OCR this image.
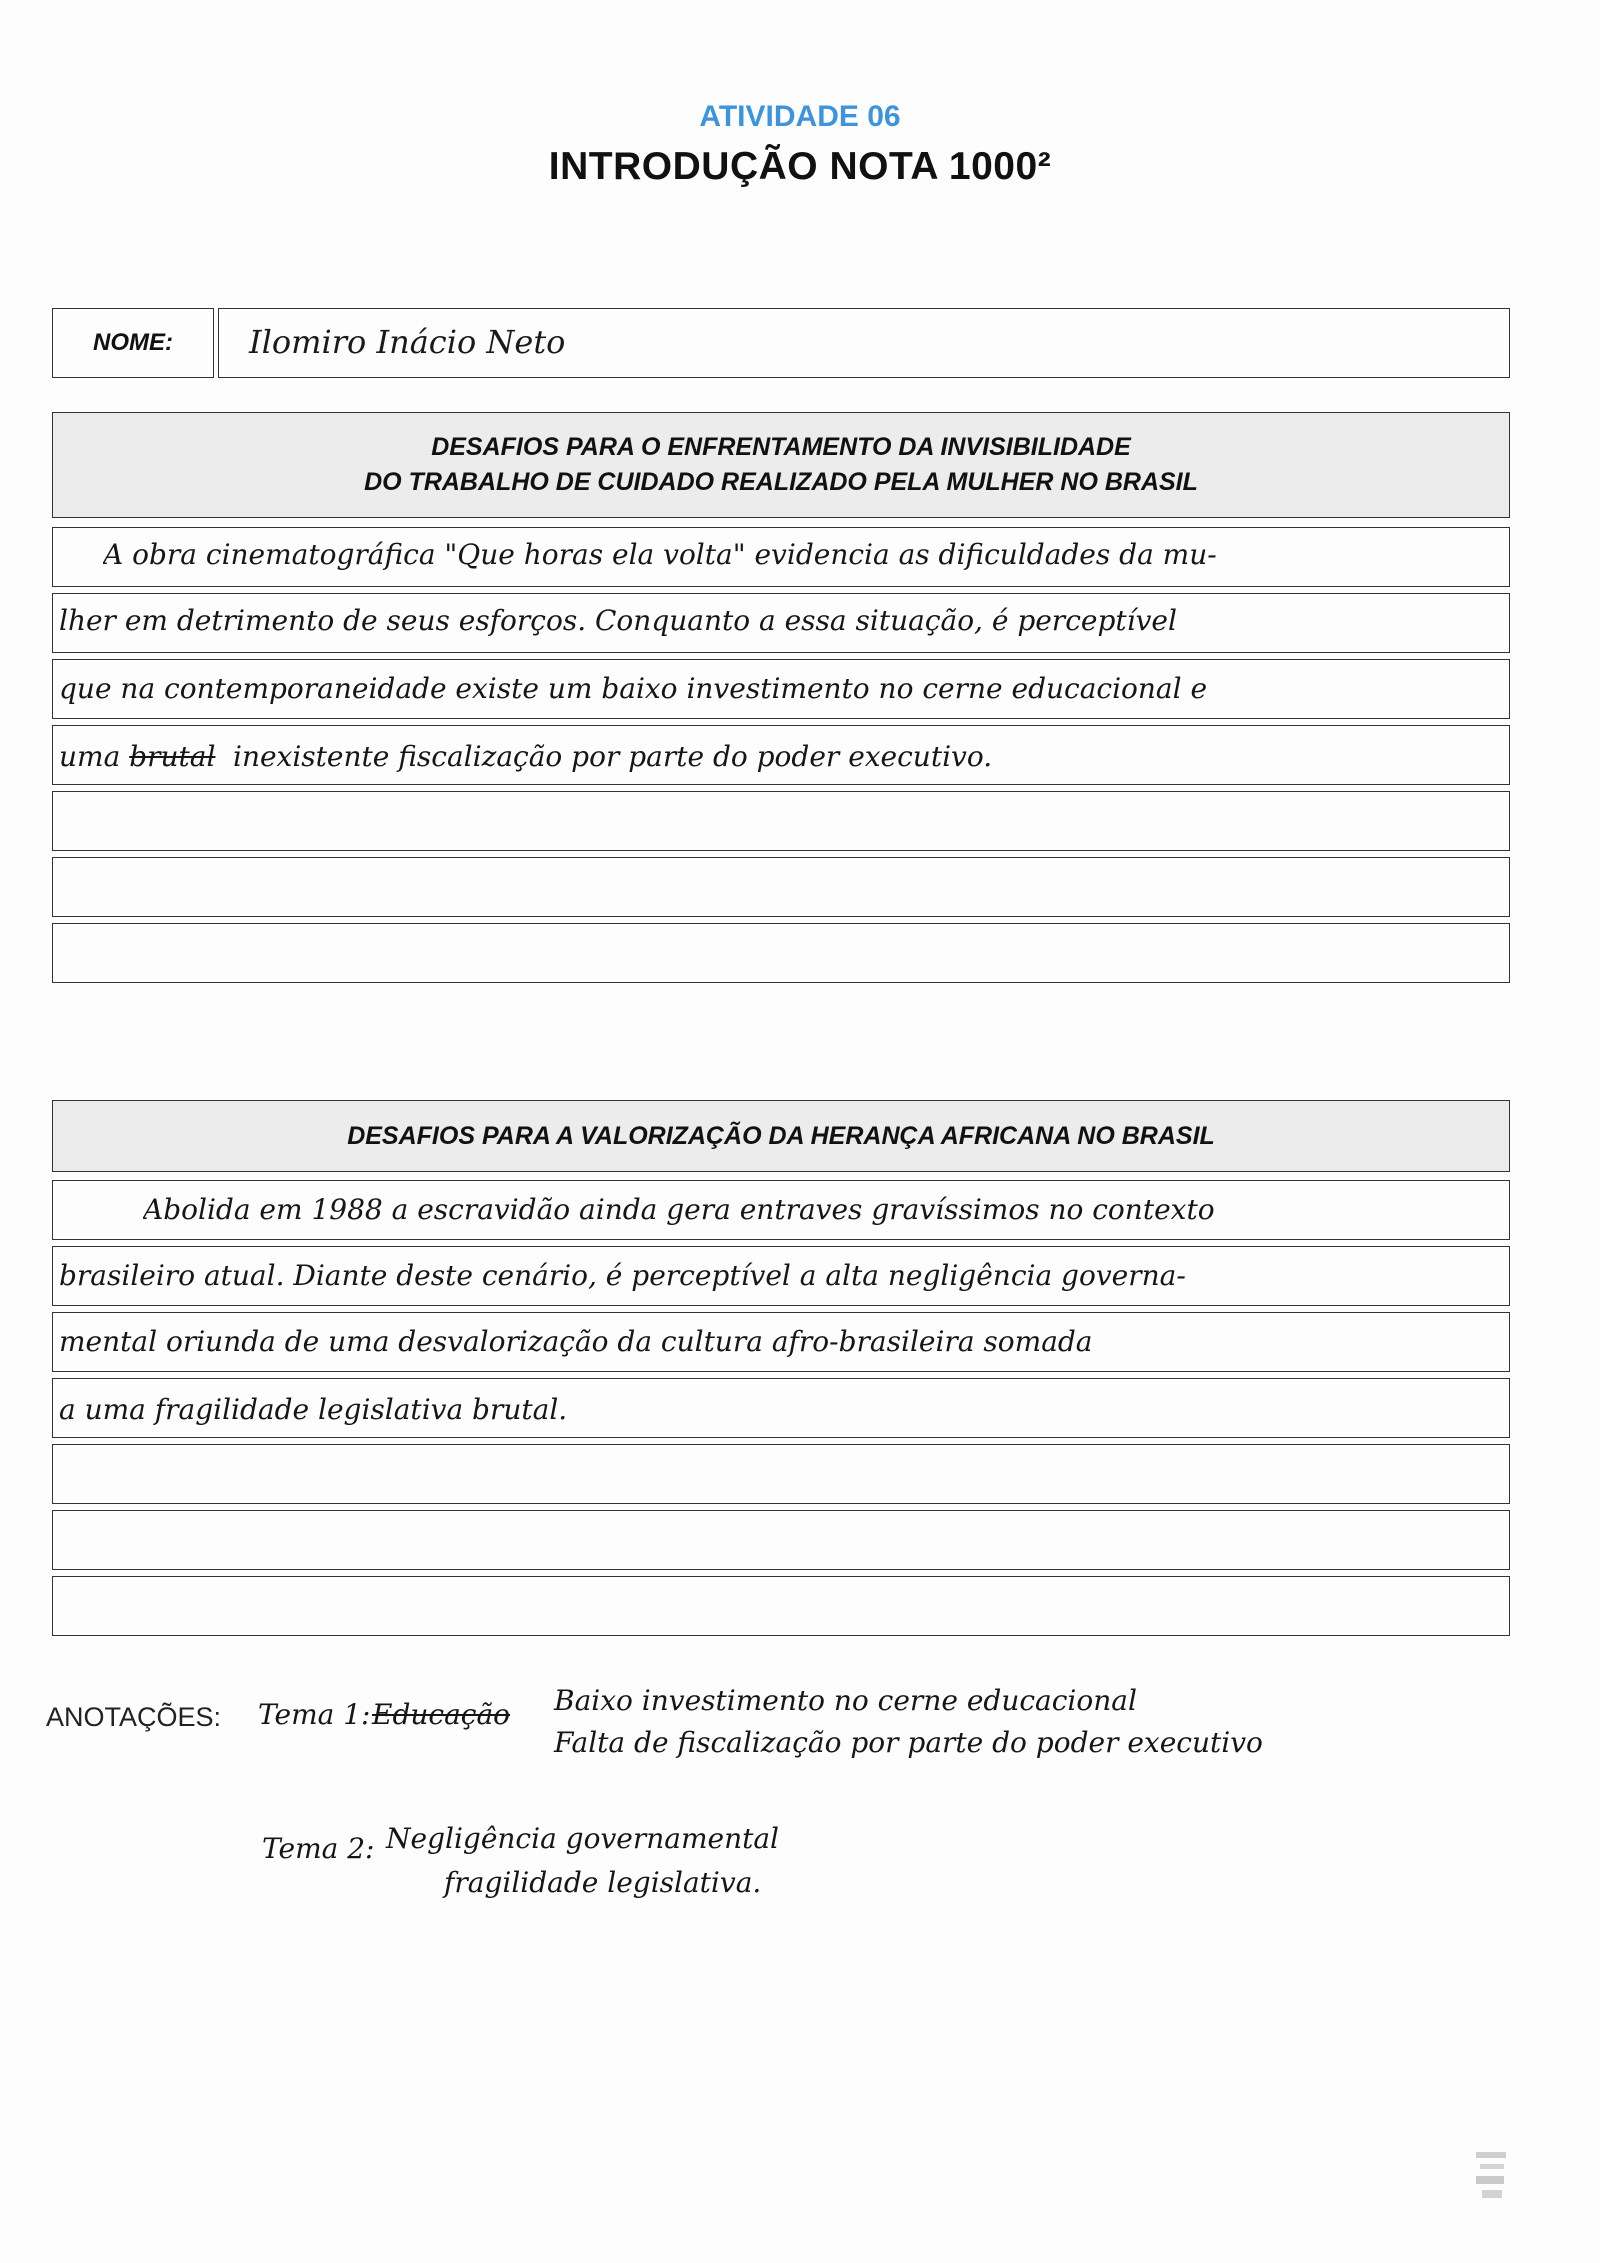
ATIVIDADE 06
INTRODUÇÃO NOTA 1000²
NOME:	Ilomiro Inácio Neto
DESAFIOS PARA O ENFRENTAMENTO DA INVISIBILIDADE
DO TRABALHO DE CUIDADO REALIZADO PELA MULHER NO BRASIL
A obra cinematográfica "Que horas ela volta" evidencia as dificuldades da mu-
lher em detrimento de seus esforços. Conquanto a essa situação, é perceptível
que na contemporaneidade existe um baixo investimento no cerne educacional e
uma brutal inexistente fiscalização por parte do poder executivo.
DESAFIOS PARA A VALORIZAÇÃO DA HERANÇA AFRICANA NO BRASIL
Abolida em 1988 a escravidão ainda gera entraves gravíssimos no contexto
brasileiro atual. Diante deste cenário, é perceptível a alta negligência governa-
mental oriunda de uma desvalorização da cultura afro-brasileira somada
a uma fragilidade legislativa brutal.
ANOTAÇÕES: Tema 1: Educação Baixo investimento no cerne educacional
Falta de fiscalização por parte do poder executivo
Tema 2: Negligência governamental
fragilidade legislativa.
